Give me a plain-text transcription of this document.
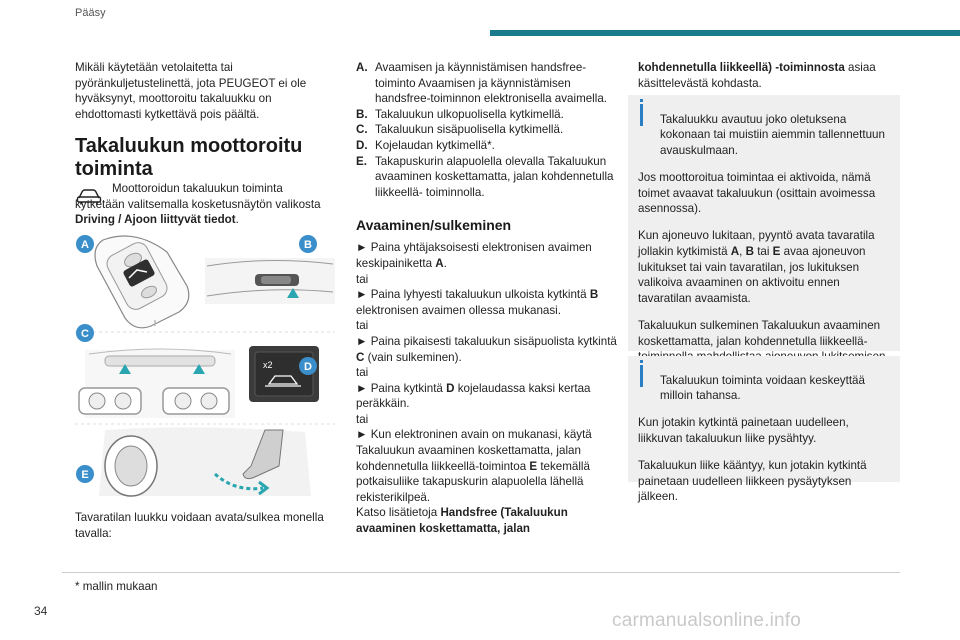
Pääsy

Mikäli käytetään vetolaitetta tai pyöränkuljetustelinettä, jota PEUGEOT ei ole hyväksynyt, moottoroitu takaluukku on ehdottomasti kytkettävä pois päältä.

Takaluukun moottoroitu toiminta

Moottoroidun takaluukun toiminta kytketään valitsemalla kosketusnäytön valikosta Driving / Ajoon liittyvät tiedot.

x2
A	B
C
D
E
Tavaratilan luukku voidaan avata/sulkea monella tavalla:
A. Avaamisen ja käynnistämisen handsfree-toiminto Avaamisen ja käynnistämisen handsfree-toiminnon elektronisella avaimella.
B. Takaluukun ulkopuolisella kytkimellä.
C. Takaluukun sisäpuolisella kytkimellä.
D. Kojelaudan kytkimellä*.
E. Takapuskurin alapuolella olevalla Takaluukun avaaminen koskettamatta, jalan kohdennetulla liikkeellä- toiminnolla.
Avaaminen/sulkeminen

► Paina yhtäjaksoisesti elektronisen avaimen keskipainiketta A.

tai

► Paina lyhyesti takaluukun ulkoista kytkintä B elektronisen avaimen ollessa mukanasi.

tai

► Paina pikaisesti takaluukun sisäpuolista kytkintä C (vain sulkeminen).

tai

► Paina kytkintä D kojelaudassa kaksi kertaa peräkkäin.

tai

► Kun elektroninen avain on mukanasi, käytä Takaluukun avaaminen koskettamatta, jalan kohdennetulla liikkeellä-toimintoa E tekemällä potkaisuliike takapuskurin alapuolella lähellä rekisterikilpeä.

Katso lisätietoja Handsfree (Takaluukun avaaminen koskettamatta, jalan

kohdennetulla liikkeellä) -toiminnosta asiaa käsittelevästä kohdasta.

Takaluukku avautuu joko oletuksena kokonaan tai muistiin aiemmin tallennettuun avauskulmaan.

Jos moottoroitua toimintaa ei aktivoida, nämä toimet avaavat takaluukun (osittain avoimessa asennossa).

Kun ajoneuvo lukitaan, pyyntö avata tavaratila jollakin kytkimistä A, B tai E avaa ajoneuvon lukitukset tai vain tavaratilan, jos lukituksen valikoiva avaaminen on aktivoitu ennen tavaratilan avaamista.

Takaluukun sulkeminen Takaluukun avaaminen koskettamatta, jalan kohdennetulla liikkeellä-

Takaluukun toiminta voidaan keskeyttää milloin tahansa.

Kun jotakin kytkintä painetaan uudelleen, liikkuvan takaluukun liike pysähtyy.

Takaluukun liike kääntyy, kun jotakin kytkintä painetaan uudelleen liikkeen pysäytyksen jälkeen.

* mallin mukaan
34	carmanualsonline.info
